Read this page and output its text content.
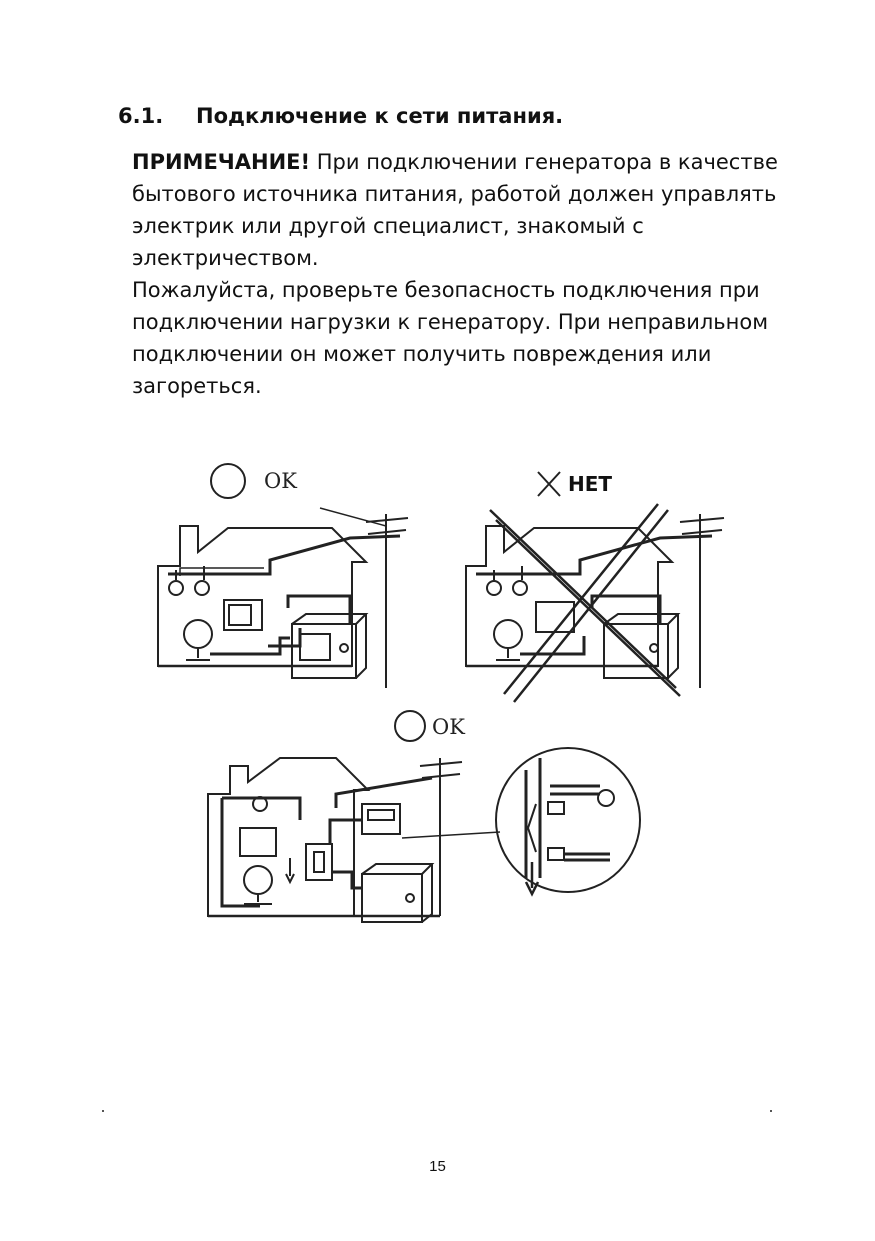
6.1. Подключение к сети питания.

ПРИМЕЧАНИЕ! При подключении генератора в качестве бытового источника питания, работой должен управлять электрик или другой специалист, знакомый с электричеством.

Пожалуйста, проверьте безопасность подключения при подключении нагрузки к генератору. При неправильном подключении он может получить повреждения или загореться.

OK	НЕТ
OK
15
